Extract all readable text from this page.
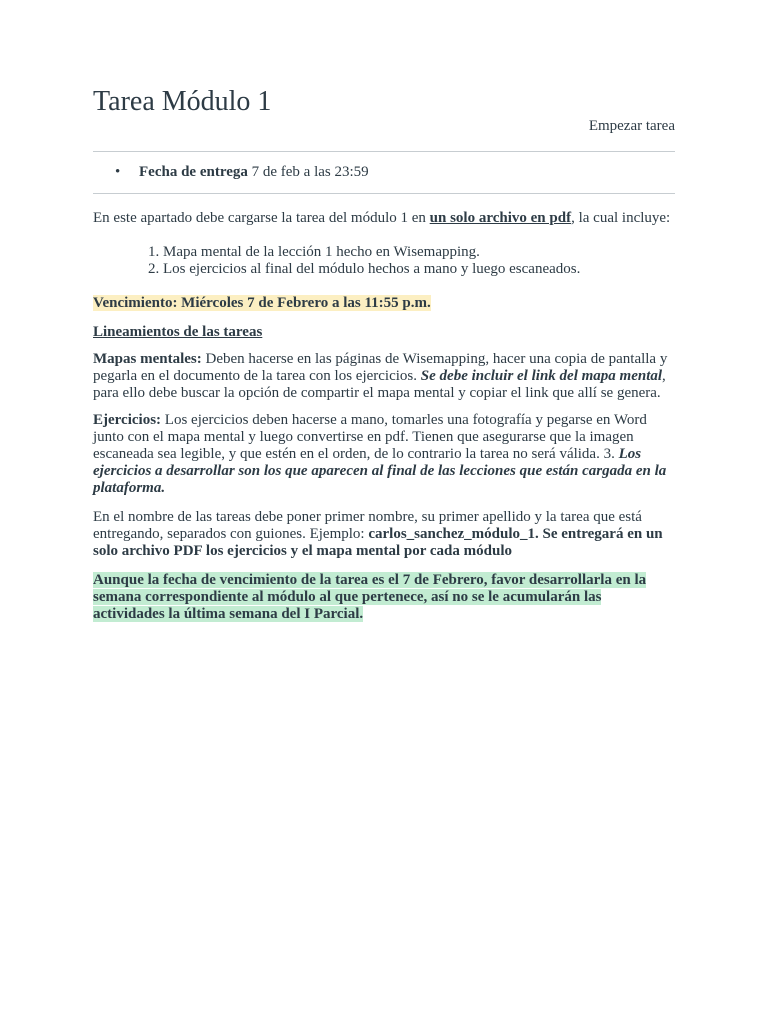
Tarea Módulo 1
Empezar tarea
• Fecha de entrega 7 de feb a las 23:59

En este apartado debe cargarse la tarea del módulo 1 en un solo archivo en pdf, la cual incluye:

1. Mapa mental de la lección 1 hecho en Wisemapping.
2. Los ejercicios al final del módulo hechos a mano y luego escaneados.

Vencimiento: Miércoles 7 de Febrero a las 11:55 p.m.

Lineamientos de las tareas

Mapas mentales: Deben hacerse en las páginas de Wisemapping, hacer una copia de pantalla y pegarla en el documento de la tarea con los ejercicios. Se debe incluir el link del mapa mental, para ello debe buscar la opción de compartir el mapa mental y copiar el link que allí se genera.

Ejercicios: Los ejercicios deben hacerse a mano, tomarles una fotografía y pegarse en Word junto con el mapa mental y luego convertirse en pdf. Tienen que asegurarse que la imagen escaneada sea legible, y que estén en el orden, de lo contrario la tarea no será válida. 3. Los ejercicios a desarrollar son los que aparecen al final de las lecciones que están cargada en la plataforma.

En el nombre de las tareas debe poner primer nombre, su primer apellido y la tarea que está entregando, separados con guiones. Ejemplo: carlos_sanchez_módulo_1. Se entregará en un solo archivo PDF los ejercicios y el mapa mental por cada módulo

Aunque la fecha de vencimiento de la tarea es el 7 de Febrero, favor desarrollarla en la semana correspondiente al módulo al que pertenece, así no se le acumularán las actividades la última semana del I Parcial.
